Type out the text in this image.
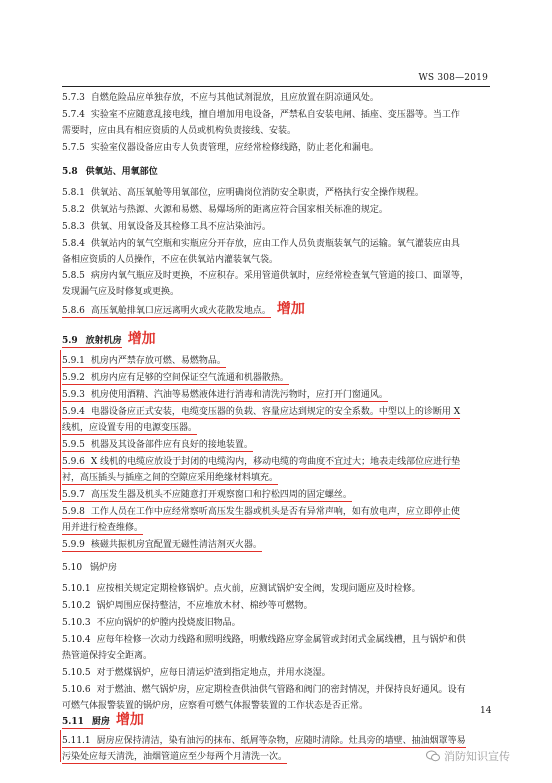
WS 308—2019
5.7.3 自燃危险品应单独存放，不应与其他试剂混放，且应放置在阴凉通风处。
5.7.4 实验室不应随意乱接电线，擅自增加用电设备，严禁私自安装电闸、插座、变压器等。当工作
需要时，应由具有相应资质的人员或机构负责接线、安装。
5.7.5 实验室仪器设备应由专人负责管理，应经常检修线路，防止老化和漏电。
5.8 供氧站、用氧部位
5.8.1 供氧站、高压氧舱等用氧部位，应明确岗位消防安全职责，严格执行安全操作规程。
5.8.2 供氧站与热源、火源和易燃、易爆场所的距离应符合国家相关标准的规定。
5.8.3 供氧、用氧设备及其检修工具不应沾染油污。
5.8.4 供氧站内的氧气空瓶和实瓶应分开存放，应由工作人员负责瓶装氧气的运输。氧气灌装应由具
备相应资质的人员操作，不应在供氧站内灌装氧气袋。
5.8.5 病房内氧气瓶应及时更换，不应积存。采用管道供氧时，应经常检查氧气管道的接口、面罩等，
发现漏气应及时修复或更换。
5.8.6 高压氧舱排氧口应远离明火或火花散发地点。 增加
5.9 放射机房 增加
5.9.1 机房内严禁存放可燃、易燃物品。
5.9.2 机房内应有足够的空间保证空气流通和机器散热。
5.9.3 机房使用酒精、汽油等易燃液体进行消毒和清洗污物时，应打开门窗通风。
5.9.4 电器设备应正式安装，电缆变压器的负载、容量应达到规定的安全系数。中型以上的诊断用 X
线机，应设置专用的电源变压器。
5.9.5 机器及其设备部件应有良好的接地装置。
5.9.6 X 线机的电缆应放设于封闭的电缆沟内，移动电缆的弯曲度不宜过大；地表走线部位应进行垫
衬，高压插头与插座之间的空隙应采用绝缘材料填充。
5.9.7 高压发生器及机头不应随意打开观察窗口和拧松四周的固定螺丝。
5.9.8 工作人员在工作中应经常察听高压发生器或机头是否有异常声响，如有放电声，应立即停止使
用并进行检查维修。
5.9.9 核磁共振机房宜配置无磁性清洁剂灭火器。
5.10 锅炉房
5.10.1 应按相关规定定期检修锅炉。点火前，应测试锅炉安全阀，发现问题应及时检修。
5.10.2 锅炉周围应保持整洁，不应堆放木材、棉纱等可燃物。
5.10.3 不应向锅炉的炉膛内投烧废旧物品。
5.10.4 应每年检修一次动力线路和照明线路，明敷线路应穿金属管或封闭式金属线槽，且与锅炉和供
热管道保持安全距离。
5.10.5 对于燃煤锅炉，应每日清运炉渣到指定地点，并用水浇湿。
5.10.6 对于燃油、燃气锅炉房，应定期检查供油供气管路和阀门的密封情况，并保持良好通风。设有
可燃气体报警装置的锅炉房，应察看可燃气体报警装置的工作状态是否正常。
5.11 厨房 增加
5.11.1 厨房应保持清洁，染有油污的抹布、纸屑等杂物，应随时清除。灶具旁的墙壁、抽油烟罩等易
污染处应每天清洗，油烟管道应至少每两个月清洗一次。
14
消防知识宣传
